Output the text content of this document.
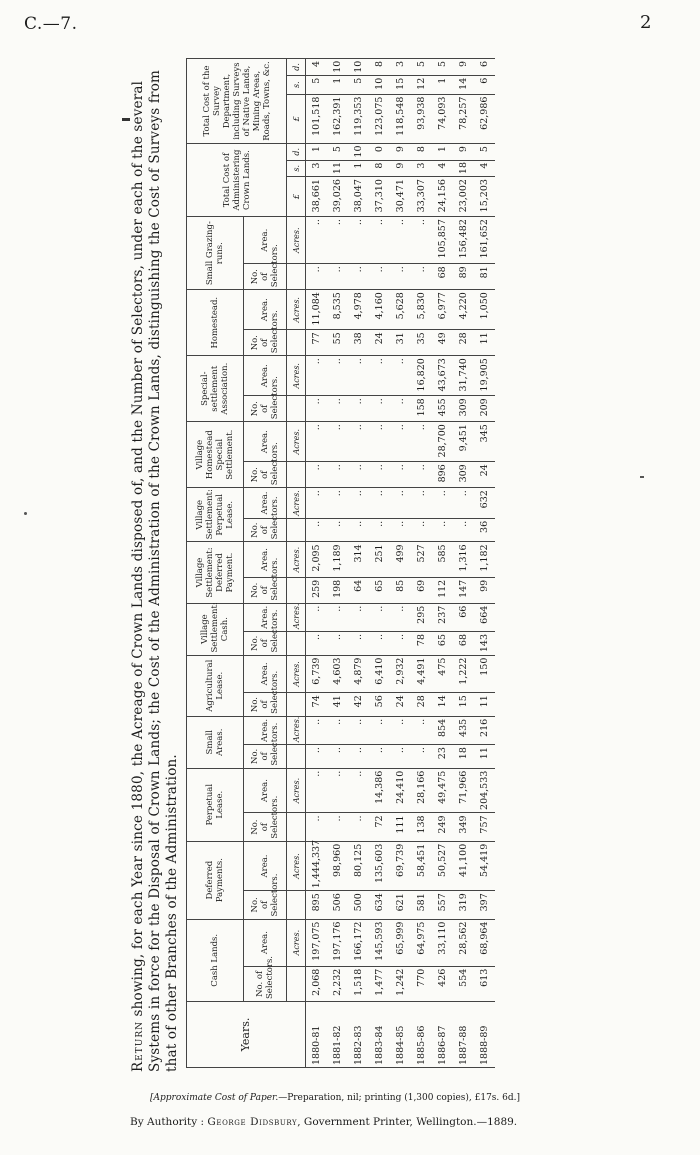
C.—7.	2
Return showing, for each Year since 1880, the Acreage of Crown Lands disposed of, and the Number of Selectors, under each of the several Systems in force for the Disposal of Crown Lands; the Cost of the Administration of the Crown Lands, distinguishing the Cost of Surveys from that of other Branches of the Administration.	Years.	Cash Lands.		Deferred Payments.		Perpetual Lease.		Small Areas.		Agricultural Lease.		Village Settlement: Cash.		Village Settlement: Deferred Payment.		Village Settlement: Perpetual Lease.		Village Homestead Special Settlement.		Special-settlement Association.		Homestead.		Small Grazing-runs.		Total Cost of Administering Crown Lands.			Total Cost of the Survey Department, including Surveys of Native Lands, Mining Areas, Roads, Towns, &c.		
	No. of Selectors.	Area.	No. of Selectors.	Area.	No. of Selectors.	Area.	No. of Selectors.	Area.	No. of Selectors.	Area.	No. of Selectors.	Area.	No. of Selectors.	Area.	No. of Selectors.	Area.	No. of Selectors.	Area.	No. of Selectors.	Area.	No. of Selectors.	Area.	No. of Selectors.	Area.						
		Acres.		Acres.		Acres.		Acres.		Acres.		Acres.		Acres.		Acres.		Acres.		Acres.		Acres.		Acres.	£	s.	d.	£	s.	d.
1880-81	2,068	197,075	895	1,444,337	..	..	..	..	74	6,739	..	..	259	2,095	..	..	..	..	..	..	77	11,084	..	..	38,661	3	1	101,518	5	4
1881-82	2,232	197,176	506	98,960	..	..	..	..	41	4,603	..	..	198	1,189	..	..	..	..	..	..	55	8,535	..	..	39,026	11	5	162,391	1	10
1882-83	1,518	166,172	500	80,125	..	..	..	..	42	4,879	..	..	64	314	..	..	..	..	..	..	38	4,978	..	..	38,047	1	10	119,353	5	10
1883-84	1,477	145,593	634	135,603	72	14,386	..	..	56	6,410	..	..	65	251	..	..	..	..	..	..	24	4,160	..	..	37,310	8	0	123,075	10	8
1884-85	1,242	65,999	621	69,739	111	24,410	..	..	24	2,932	..	..	85	499	..	..	..	..	..	..	31	5,628	..	..	30,471	9	9	118,548	15	3
1885-86	770	64,975	581	58,451	138	28,166	..	..	28	4,491	78	295	69	527	..	..	..	..	158	16,820	35	5,830	..	..	33,307	3	8	93,938	12	5
1886-87	426	33,110	557	50,527	249	49,475	23	854	14	475	65	237	112	585	..	..	896	28,700	455	43,673	49	6,977	68	105,857	24,156	4	1	74,093	1	5
1887-88	554	28,562	319	41,100	349	71,966	18	435	15	1,222	68	66	147	1,316	..	..	309	9,451	309	31,740	28	4,220	89	156,482	23,002	18	9	78,257	14	9
1888-89	613	68,964	397	54,419	757	204,533	11	216	11	150	143	664	99	1,182	36	632	24	345	209	19,905	11	1,050	81	161,652	15,203	4	5	62,986	6	6
[Approximate Cost of Paper.—Preparation, nil; printing (1,300 copies), £17s. 6d.]
By Authority : George Didsbury, Government Printer, Wellington.—1889.
